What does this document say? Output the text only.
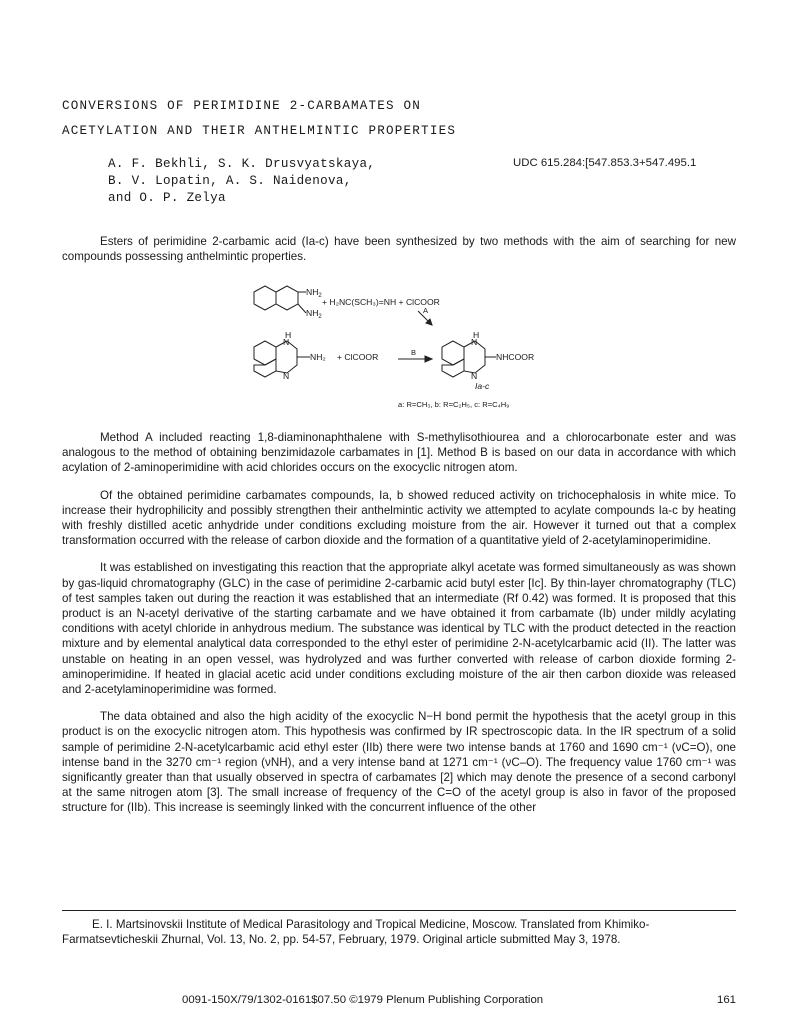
CONVERSIONS OF PERIMIDINE 2-CARBAMATES ON
ACETYLATION AND THEIR ANTHELMINTIC PROPERTIES
A. F. Bekhli, S. K. Drusvyatskaya,
B. V. Lopatin, A. S. Naidenova,
and O. P. Zelya
UDC 615.284:[547.853.3+547.495.1

Esters of perimidine 2-carbamic acid (Ia-c) have been synthesized by two methods with the aim of searching for new compounds possessing anthelmintic properties.

$NH_2$
$NH_2$
+ H₂NC(SCH₃)=NH + ClCOOR
A
H
N
N
NH₂ + ClCOOR	B
H
N
N
NHCOOR
Ia-c
a: R=CH₃, b: R=C₂H₅, c: R=C₄H₉

Method A included reacting 1,8-diaminonaphthalene with S-methylisothiourea and a chlorocarbonate ester and was analogous to the method of obtaining benzimidazole carbamates in [1]. Method B is based on our data in accordance with which acylation of 2-aminoperimidine with acid chlorides occurs on the exocyclic nitrogen atom.

Of the obtained perimidine carbamates compounds, Ia, b showed reduced activity on trichocephalosis in white mice. To increase their hydrophilicity and possibly strengthen their anthelmintic activity we attempted to acylate compounds Ia-c by heating with freshly distilled acetic anhydride under conditions excluding moisture from the air. However it turned out that a complex transformation occurred with the release of carbon dioxide and the formation of a quantitative yield of 2-acetylaminoperimidine.

It was established on investigating this reaction that the appropriate alkyl acetate was formed simultaneously as was shown by gas-liquid chromatography (GLC) in the case of perimidine 2-carbamic acid butyl ester [Ic]. By thin-layer chromatography (TLC) of test samples taken out during the reaction it was established that an intermediate (Rf 0.42) was formed. It is proposed that this product is an N-acetyl derivative of the starting carbamate and we have obtained it from carbamate (Ib) under mildly acylating conditions with acetyl chloride in anhydrous medium. The substance was identical by TLC with the product detected in the reaction mixture and by elemental analytical data corresponded to the ethyl ester of perimidine 2-N-acetylcarbamic acid (II). The latter was unstable on heating in an open vessel, was hydrolyzed and was further converted with release of carbon dioxide forming 2-aminoperimidine. If heated in glacial acetic acid under conditions excluding moisture of the air then carbon dioxide was released and 2-acetylaminoperimidine was formed.

The data obtained and also the high acidity of the exocyclic N−H bond permit the hypothesis that the acetyl group in this product is on the exocyclic nitrogen atom. This hypothesis was confirmed by IR spectroscopic data. In the IR spectrum of a solid sample of perimidine 2-N-acetylcarbamic acid ethyl ester (IIb) there were two intense bands at 1760 and 1690 cm⁻¹ (νC=O), one intense band in the 3270 cm⁻¹ region (νNH), and a very intense band at 1271 cm⁻¹ (νC–O). The frequency value 1760 cm⁻¹ was significantly greater than that usually observed in spectra of carbamates [2] which may denote the presence of a second carbonyl at the same nitrogen atom [3]. The small increase of frequency of the C=O of the acetyl group is also in favor of the proposed structure for (IIb). This increase is seemingly linked with the concurrent influence of the other

E. I. Martsinovskii Institute of Medical Parasitology and Tropical Medicine, Moscow. Translated from Khimiko-Farmatsevticheskii Zhurnal, Vol. 13, No. 2, pp. 54-57, February, 1979. Original article submitted May 3, 1978.

0091-150X/79/1302-0161$07.50 ©1979 Plenum Publishing Corporation	161
